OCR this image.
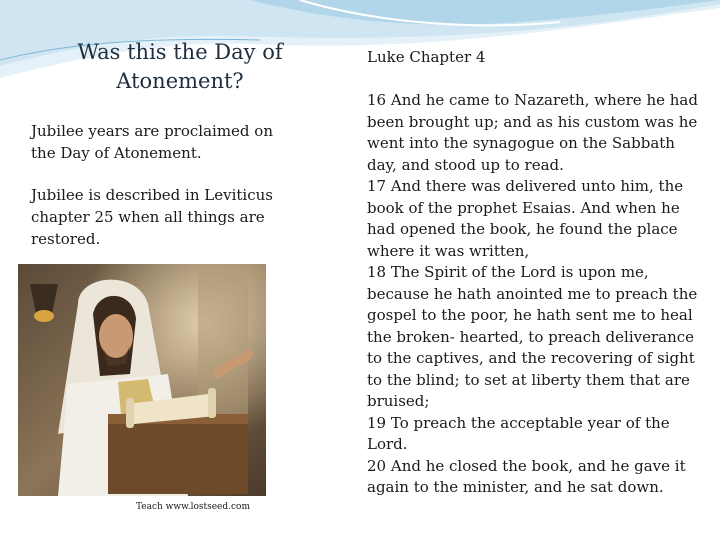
Was this the Day of Atonement?
Jubilee years are proclaimed on the Day of Atonement.
Jubilee is described in Leviticus chapter 25 when all things are restored.
Teach www.lostseed.com
Luke Chapter 4

16 And he came to Nazareth, where he had been brought up; and as his custom was he went into the synagogue on the Sabbath day, and stood up to read.

17 And there was delivered unto him, the book of the prophet Esaias. And when he had opened the book, he found the place where it was written,

18 The Spirit of the Lord is upon me, because he hath anointed me to preach the gospel to the poor, he hath sent me to heal the broken- hearted, to preach deliverance to the captives, and the recovering of sight to the blind; to set at liberty them that are bruised;

19 To preach the acceptable year of the Lord.

20 And he closed the book, and he gave it again to the minister, and he sat down.
